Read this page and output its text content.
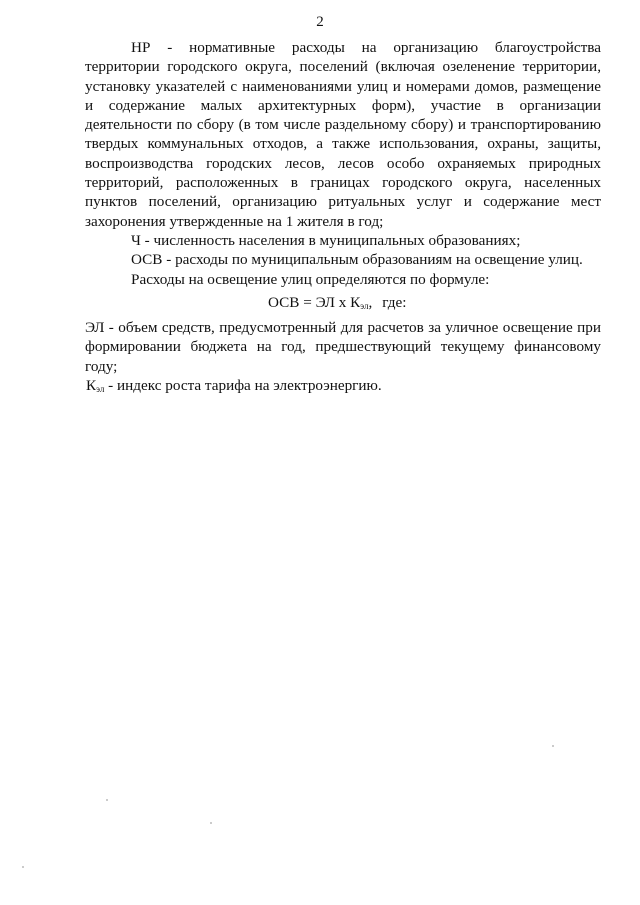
2

НР - нормативные расходы на организацию благоустройства территории городского округа, поселений (включая озеленение территории, установку указателей с наименованиями улиц и номерами домов, размещение и содержание малых архитектурных форм), участие в организации деятельности по сбору (в том числе раздельному сбору) и транспортированию твердых коммунальных отходов, а также использования, охраны, защиты, воспроизводства городских лесов, лесов особо охраняемых природных территорий, расположенных в границах городского округа, населенных пунктов поселений, организацию ритуальных услуг и содержание мест захоронения утвержденные на 1 жителя в год;

Ч - численность населения в муниципальных образованиях;

ОСВ - расходы по муниципальным образованиям на освещение улиц.

Расходы на освещение улиц определяются по формуле:

ОСВ = ЭЛ х $К_{эл}$, где:

ЭЛ - объем средств, предусмотренный для расчетов за уличное освещение при формировании бюджета на год, предшествующий текущему финансовому году;

$К_{эл}$ - индекс роста тарифа на электроэнергию.
